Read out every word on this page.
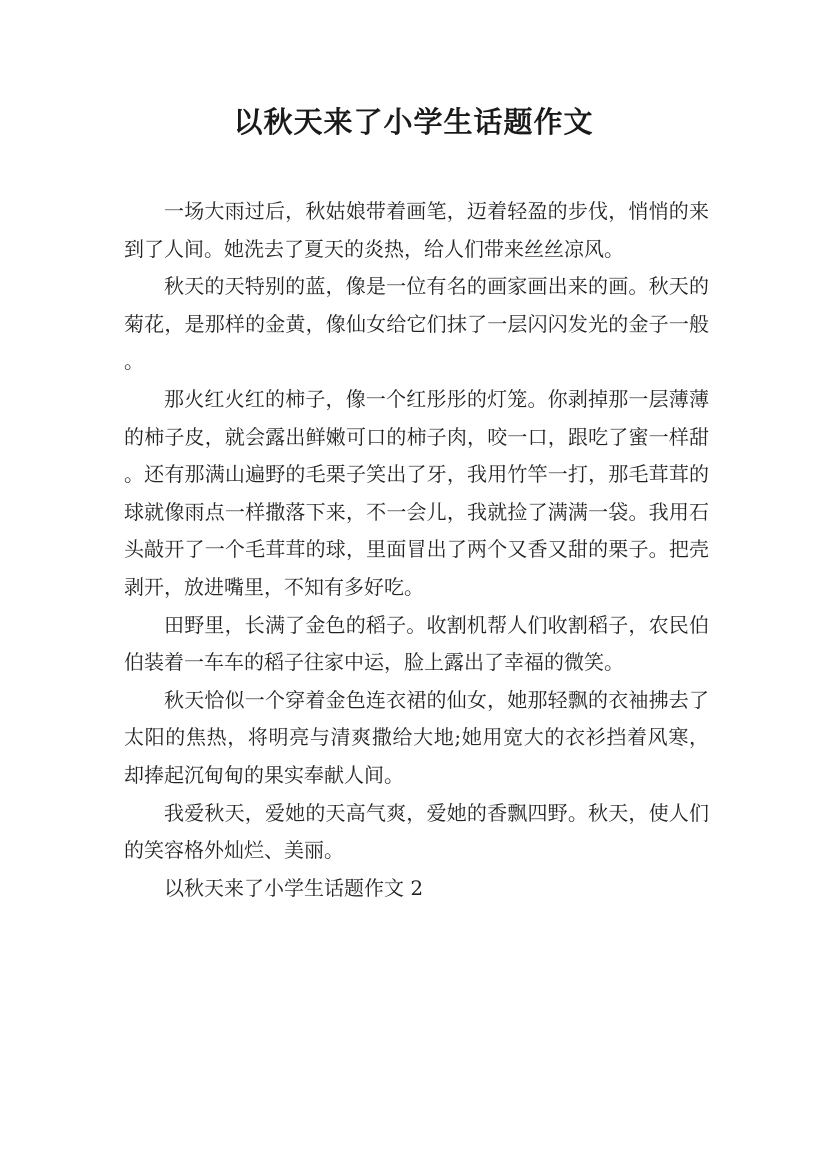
以秋天来了小学生话题作文

一场大雨过后，秋姑娘带着画笔，迈着轻盈的步伐，悄悄的来到了人间。她洗去了夏天的炎热，给人们带来丝丝凉风。

秋天的天特别的蓝，像是一位有名的画家画出来的画。秋天的菊花，是那样的金黄，像仙女给它们抹了一层闪闪发光的金子一般。

那火红火红的柿子，像一个红彤彤的灯笼。你剥掉那一层薄薄的柿子皮，就会露出鲜嫩可口的柿子肉，咬一口，跟吃了蜜一样甜。还有那满山遍野的毛栗子笑出了牙，我用竹竿一打，那毛茸茸的球就像雨点一样撒落下来，不一会儿，我就捡了满满一袋。我用石头敲开了一个毛茸茸的球，里面冒出了两个又香又甜的栗子。把壳剥开，放进嘴里，不知有多好吃。

田野里，长满了金色的稻子。收割机帮人们收割稻子，农民伯伯装着一车车的稻子往家中运，脸上露出了幸福的微笑。

秋天恰似一个穿着金色连衣裙的仙女，她那轻飘的衣袖拂去了太阳的焦热，将明亮与清爽撒给大地;她用宽大的衣衫挡着风寒，却捧起沉甸甸的果实奉献人间。

我爱秋天，爱她的天高气爽，爱她的香飘四野。秋天，使人们的笑容格外灿烂、美丽。

以秋天来了小学生话题作文 2
